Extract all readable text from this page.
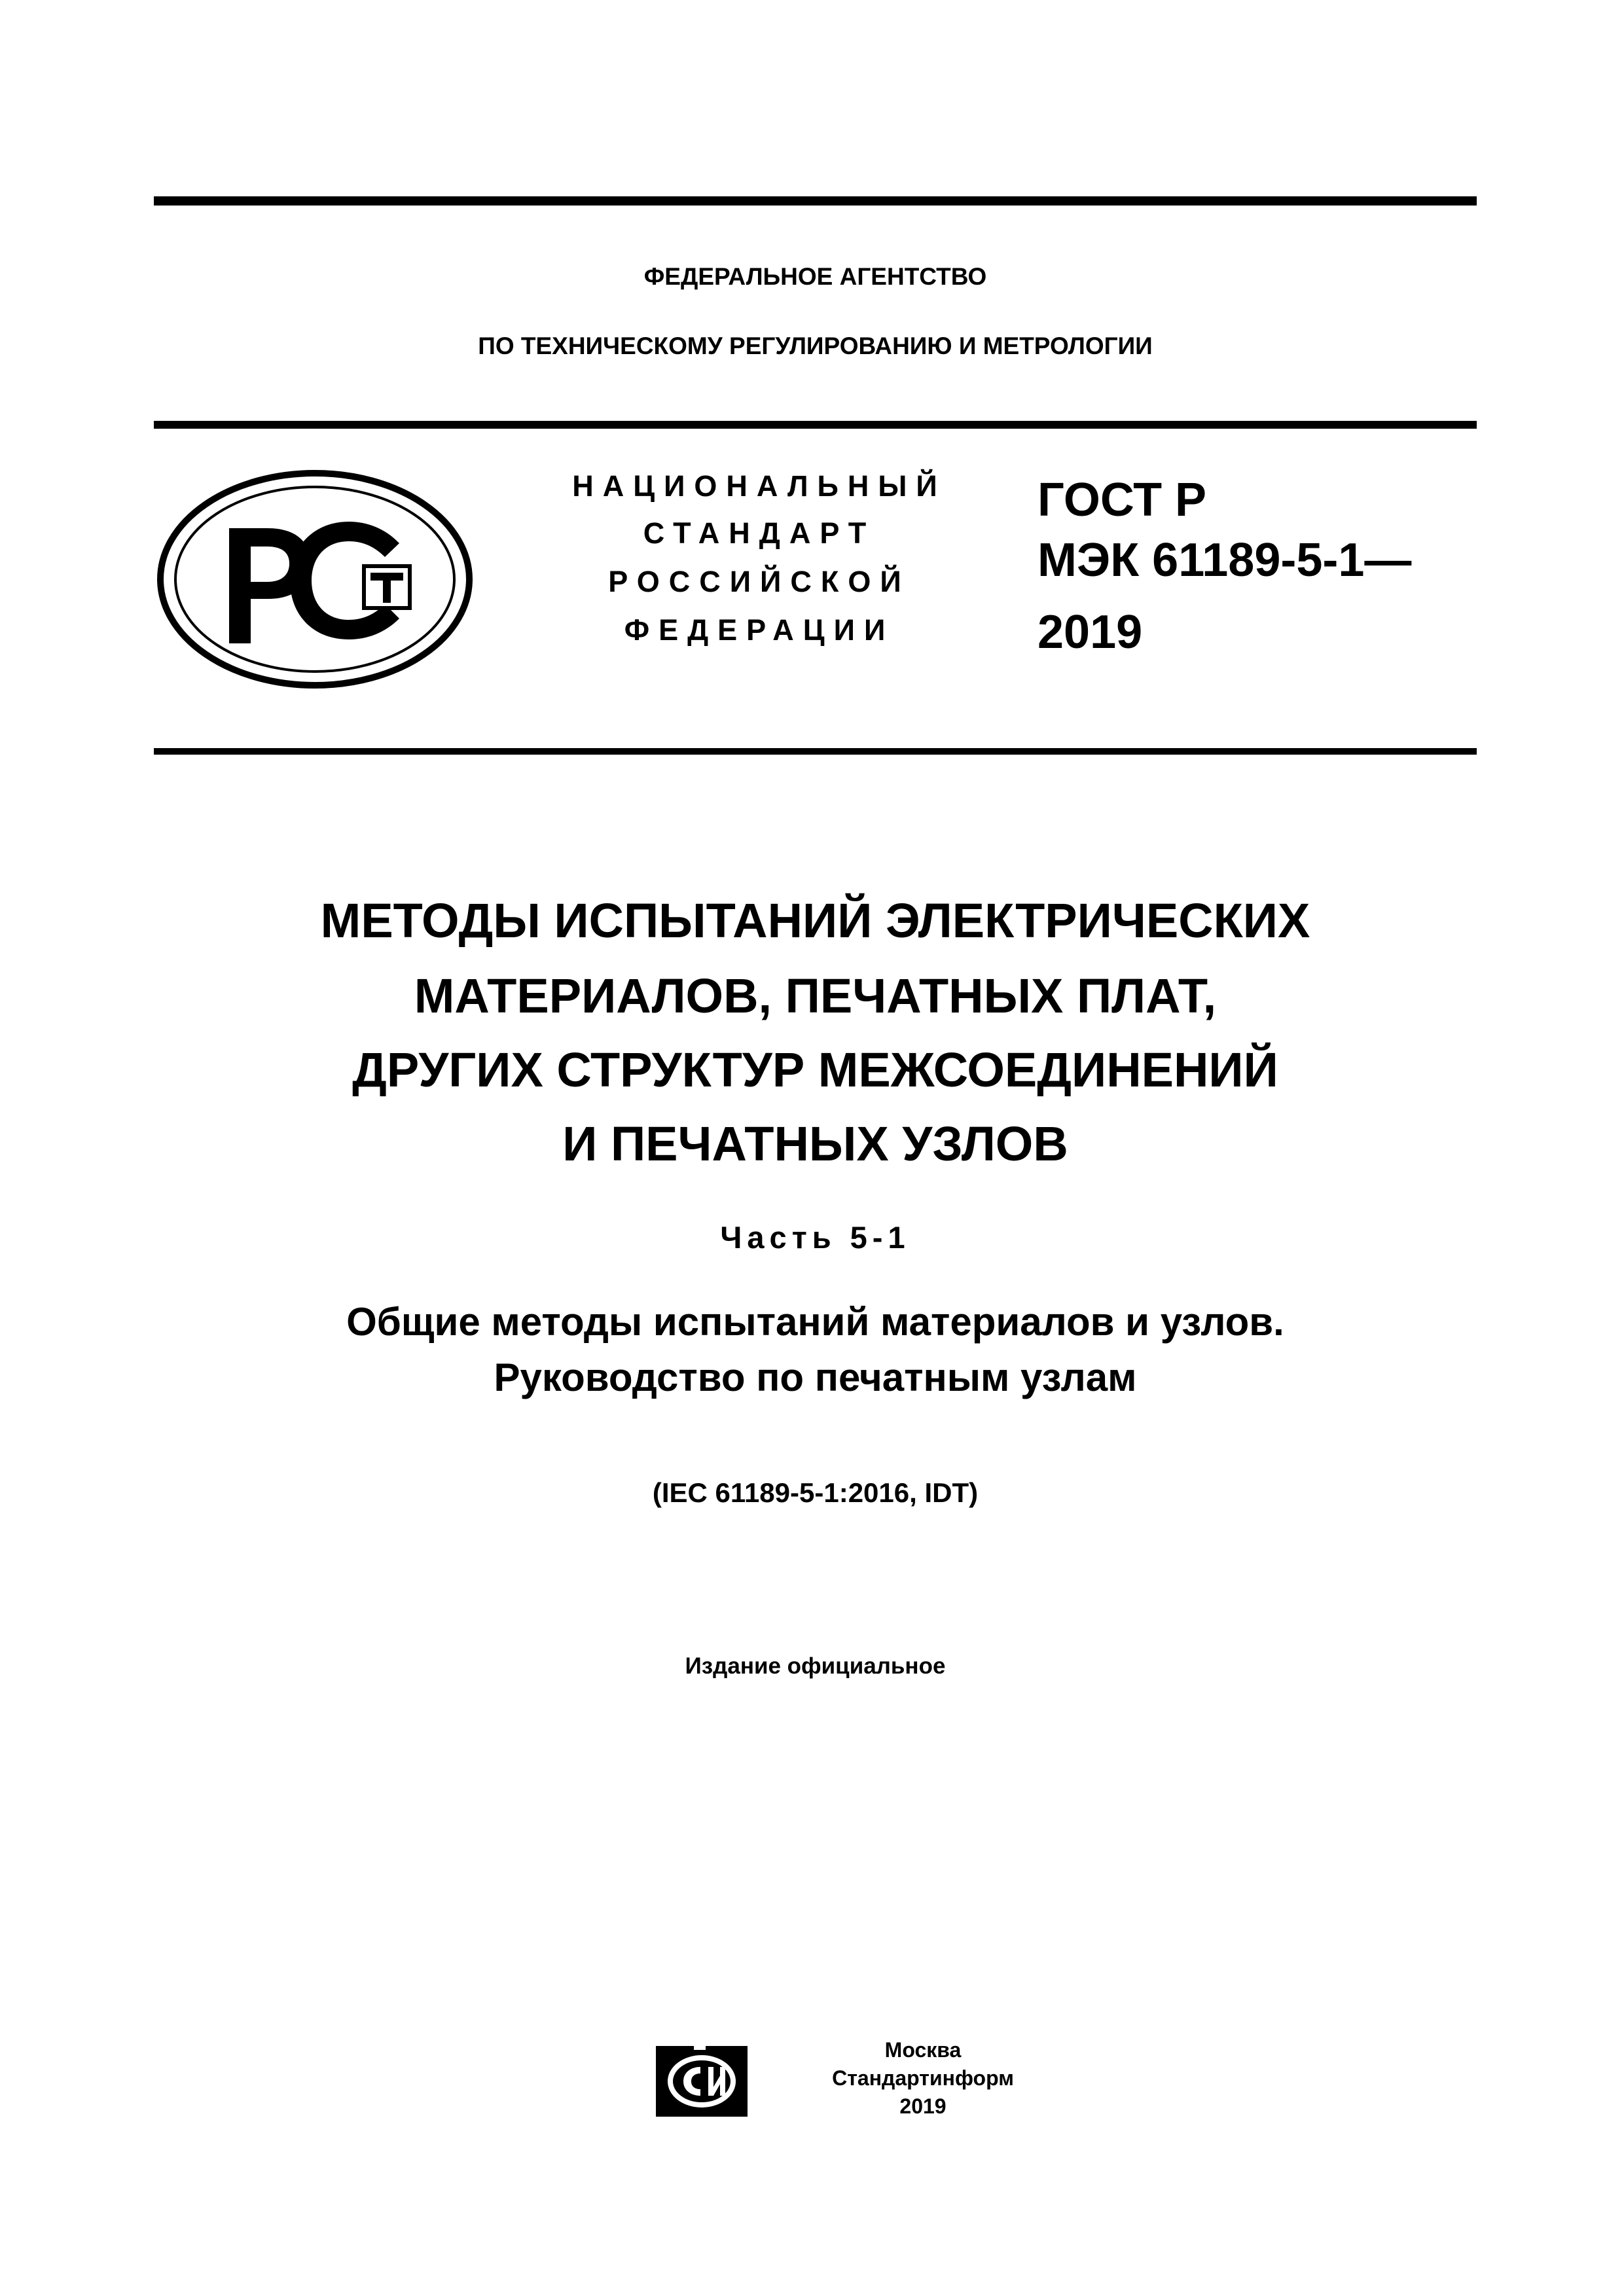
ФЕДЕРАЛЬНОЕ АГЕНТСТВО
ПО ТЕХНИЧЕСКОМУ РЕГУЛИРОВАНИЮ И МЕТРОЛОГИИ
НАЦИОНАЛЬНЫЙ
СТАНДАРТ
РОССИЙСКОЙ
ФЕДЕРАЦИИ
ГОСТ Р
МЭК 61189-5-1—
2019
МЕТОДЫ ИСПЫТАНИЙ ЭЛЕКТРИЧЕСКИХ
МАТЕРИАЛОВ, ПЕЧАТНЫХ ПЛАТ,
ДРУГИХ СТРУКТУР МЕЖСОЕДИНЕНИЙ
И ПЕЧАТНЫХ УЗЛОВ
Часть 5-1
Общие методы испытаний материалов и узлов.
Руководство по печатным узлам
(IEC 61189-5-1:2016, IDT)
Издание официальное
Москва
Стандартинформ
2019
